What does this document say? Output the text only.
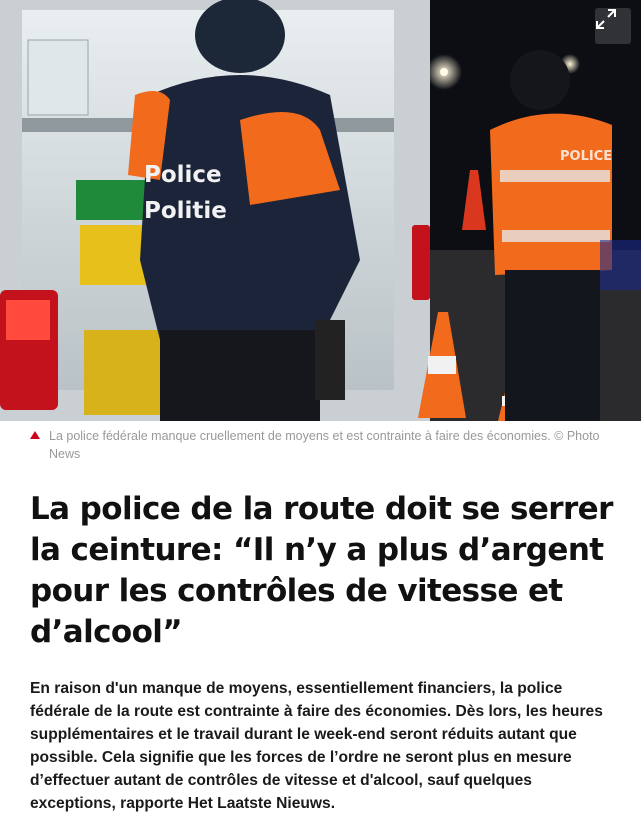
Police
Politie
POLICE
La police fédérale manque cruellement de moyens et est contrainte à faire des économies. © Photo News
La police de la route doit se serrer la ceinture: “Il n’y a plus d’argent pour les contrôles de vitesse et d’alcool”

En raison d'un manque de moyens, essentiellement financiers, la police fédérale de la route est contrainte à faire des économies. Dès lors, les heures supplémentaires et le travail durant le week-end seront réduits autant que possible. Cela signifie que les forces de l’ordre ne seront plus en mesure d’effectuer autant de contrôles de vitesse et d'alcool, sauf quelques exceptions, rapporte Het Laatste Nieuws.
